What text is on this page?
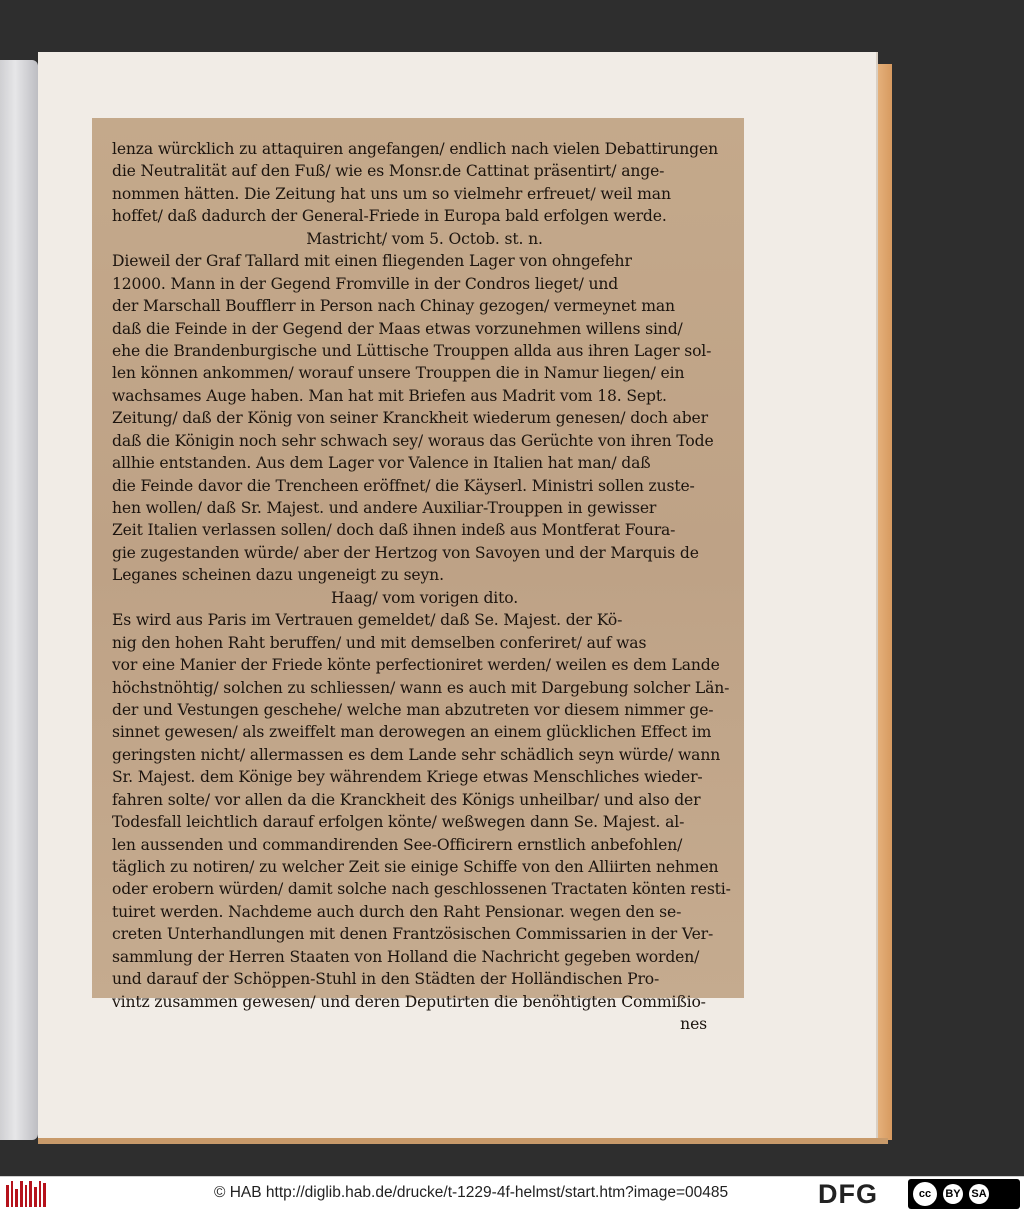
lenza würcklich zu attaquiren angefangen/ endlich nach vielen Debattirungen
die Neutralität auf den Fuß/ wie es Monsr.de Cattinat präsentirt/ ange-
nommen hätten. Die Zeitung hat uns um so vielmehr erfreuet/ weil man
hoffet/ daß dadurch der General-Friede in Europa bald erfolgen werde.
Mastricht/ vom 5. Octob. st. n.
Dieweil der Graf Tallard mit einen fliegenden Lager von ohngefehr
12000. Mann in der Gegend Fromville in der Condros lieget/ und
der Marschall Boufflerr in Person nach Chinay gezogen/ vermeynet man
daß die Feinde in der Gegend der Maas etwas vorzunehmen willens sind/
ehe die Brandenburgische und Lüttische Trouppen allda aus ihren Lager sol-
len können ankommen/ worauf unsere Trouppen die in Namur liegen/ ein
wachsames Auge haben. Man hat mit Briefen aus Madrit vom 18. Sept.
Zeitung/ daß der König von seiner Kranckheit wiederum genesen/ doch aber
daß die Königin noch sehr schwach sey/ woraus das Gerüchte von ihren Tode
allhie entstanden. Aus dem Lager vor Valence in Italien hat man/ daß
die Feinde davor die Trencheen eröffnet/ die Käyserl. Ministri sollen zuste-
hen wollen/ daß Sr. Majest. und andere Auxiliar-Trouppen in gewisser
Zeit Italien verlassen sollen/ doch daß ihnen indeß aus Montferat Foura-
gie zugestanden würde/ aber der Hertzog von Savoyen und der Marquis de
Leganes scheinen dazu ungeneigt zu seyn.
Haag/ vom vorigen dito.
Es wird aus Paris im Vertrauen gemeldet/ daß Se. Majest. der Kö-
nig den hohen Raht beruffen/ und mit demselben conferiret/ auf was
vor eine Manier der Friede könte perfectioniret werden/ weilen es dem Lande
höchstnöhtig/ solchen zu schliessen/ wann es auch mit Dargebung solcher Län-
der und Vestungen geschehe/ welche man abzutreten vor diesem nimmer ge-
sinnet gewesen/ als zweiffelt man derowegen an einem glücklichen Effect im
geringsten nicht/ allermassen es dem Lande sehr schädlich seyn würde/ wann
Sr. Majest. dem Könige bey währendem Kriege etwas Menschliches wieder-
fahren solte/ vor allen da die Kranckheit des Königs unheilbar/ und also der
Todesfall leichtlich darauf erfolgen könte/ weßwegen dann Se. Majest. al-
len aussenden und commandirenden See-Officirern ernstlich anbefohlen/
täglich zu notiren/ zu welcher Zeit sie einige Schiffe von den Alliirten nehmen
oder erobern würden/ damit solche nach geschlossenen Tractaten könten resti-
tuiret werden. Nachdeme auch durch den Raht Pensionar. wegen den se-
creten Unterhandlungen mit denen Frantzösischen Commissarien in der Ver-
sammlung der Herren Staaten von Holland die Nachricht gegeben worden/
und darauf der Schöppen-Stuhl in den Städten der Holländischen Pro-
vintz zusammen gewesen/ und deren Deputirten die benöhtigten Commißio-
nes
© HAB http://diglib.hab.de/drucke/t-1229-4f-helmst/start.htm?image=00485	DFG	cc	BY SA
